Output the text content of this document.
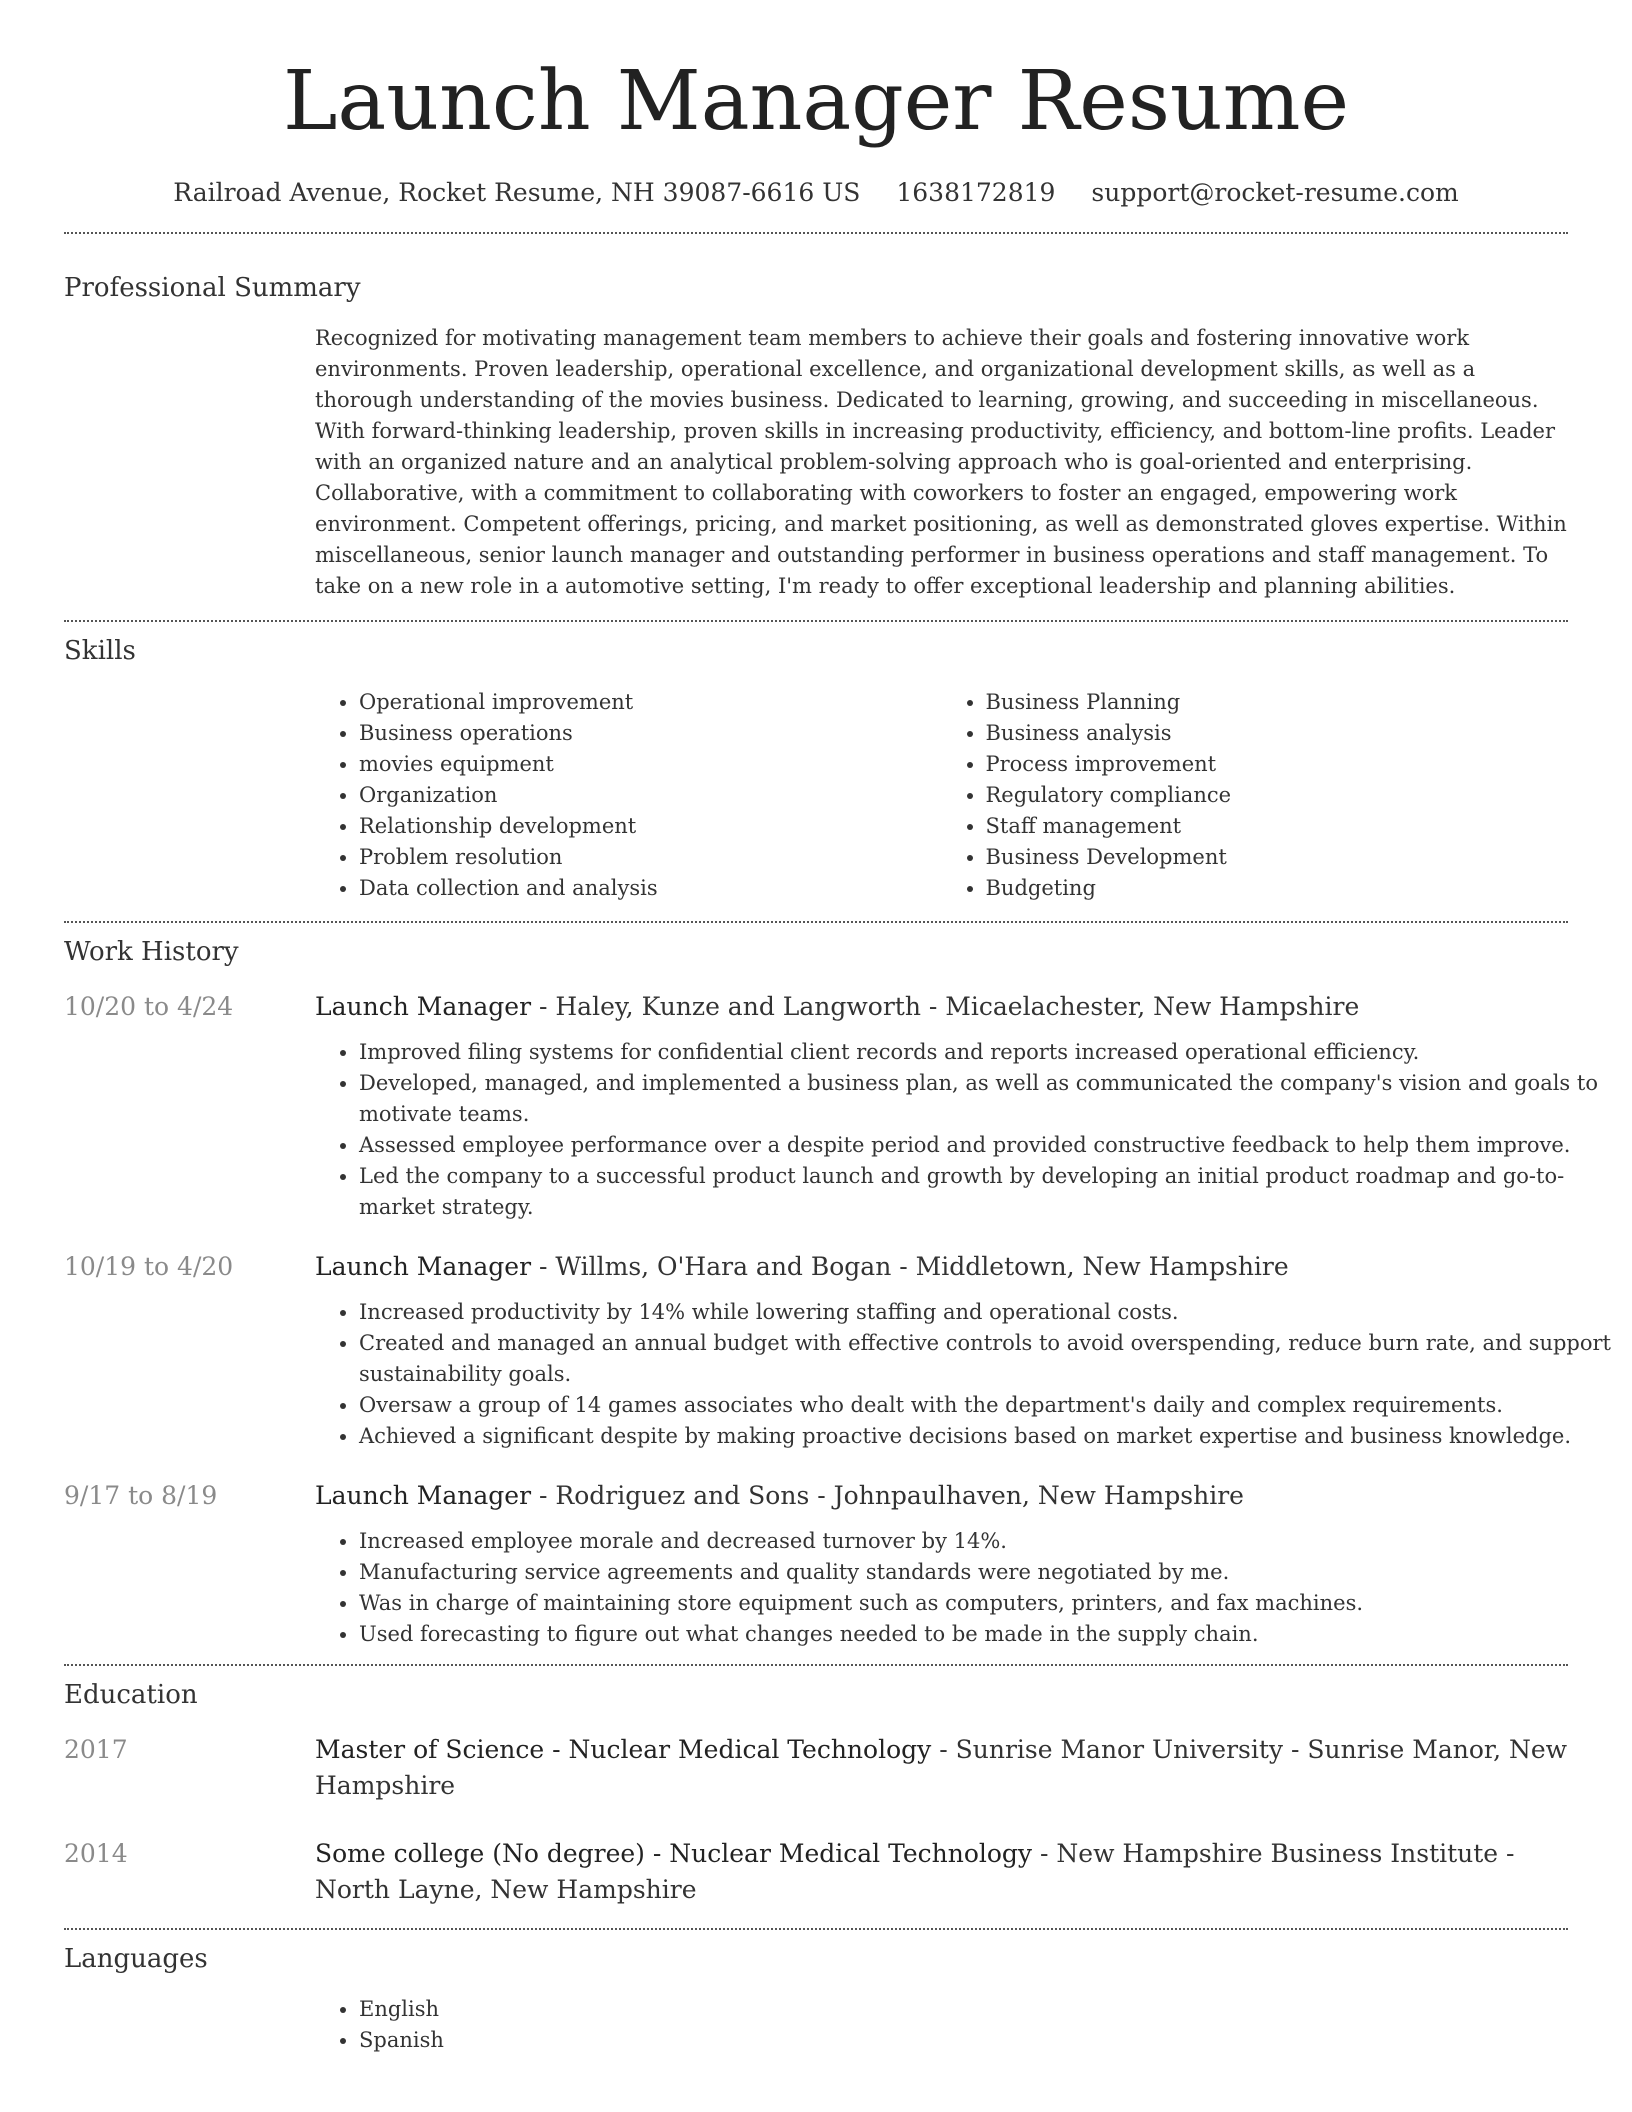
Launch Manager Resume
Railroad Avenue, Rocket Resume, NH 39087-6616 US 1638172819 support@rocket-resume.com
Professional Summary
Recognized for motivating management team members to achieve their goals and fostering innovative work environments. Proven leadership, operational excellence, and organizational development skills, as well as a thorough understanding of the movies business. Dedicated to learning, growing, and succeeding in miscellaneous. With forward-thinking leadership, proven skills in increasing productivity, efficiency, and bottom-line profits. Leader with an organized nature and an analytical problem-solving approach who is goal-oriented and enterprising. Collaborative, with a commitment to collaborating with coworkers to foster an engaged, empowering work environment. Competent offerings, pricing, and market positioning, as well as demonstrated gloves expertise. Within miscellaneous, senior launch manager and outstanding performer in business operations and staff management. To take on a new role in a automotive setting, I'm ready to offer exceptional leadership and planning abilities.
Skills
• Operational improvement
• Business operations
• movies equipment
• Organization
• Relationship development
• Problem resolution
• Data collection and analysis
• Business Planning
• Business analysis
• Process improvement
• Regulatory compliance
• Staff management
• Business Development
• Budgeting
Work History
10/20 to 4/24	Launch Manager - Haley, Kunze and Langworth - Micaelachester, New Hampshire
• Improved filing systems for confidential client records and reports increased operational efficiency.
• Developed, managed, and implemented a business plan, as well as communicated the company's vision and goals to motivate teams.
• Assessed employee performance over a despite period and provided constructive feedback to help them improve.
• Led the company to a successful product launch and growth by developing an initial product roadmap and go-to-market strategy.
10/19 to 4/20	Launch Manager - Willms, O'Hara and Bogan - Middletown, New Hampshire
• Increased productivity by 14% while lowering staffing and operational costs.
• Created and managed an annual budget with effective controls to avoid overspending, reduce burn rate, and support sustainability goals.
• Oversaw a group of 14 games associates who dealt with the department's daily and complex requirements.
• Achieved a significant despite by making proactive decisions based on market expertise and business knowledge.
9/17 to 8/19	Launch Manager - Rodriguez and Sons - Johnpaulhaven, New Hampshire
• Increased employee morale and decreased turnover by 14%.
• Manufacturing service agreements and quality standards were negotiated by me.
• Was in charge of maintaining store equipment such as computers, printers, and fax machines.
• Used forecasting to figure out what changes needed to be made in the supply chain.
Education
2017	Master of Science - Nuclear Medical Technology - Sunrise Manor University - Sunrise Manor, New Hampshire
2014	Some college (No degree) - Nuclear Medical Technology - New Hampshire Business Institute - North Layne, New Hampshire
Languages
• English
• Spanish
